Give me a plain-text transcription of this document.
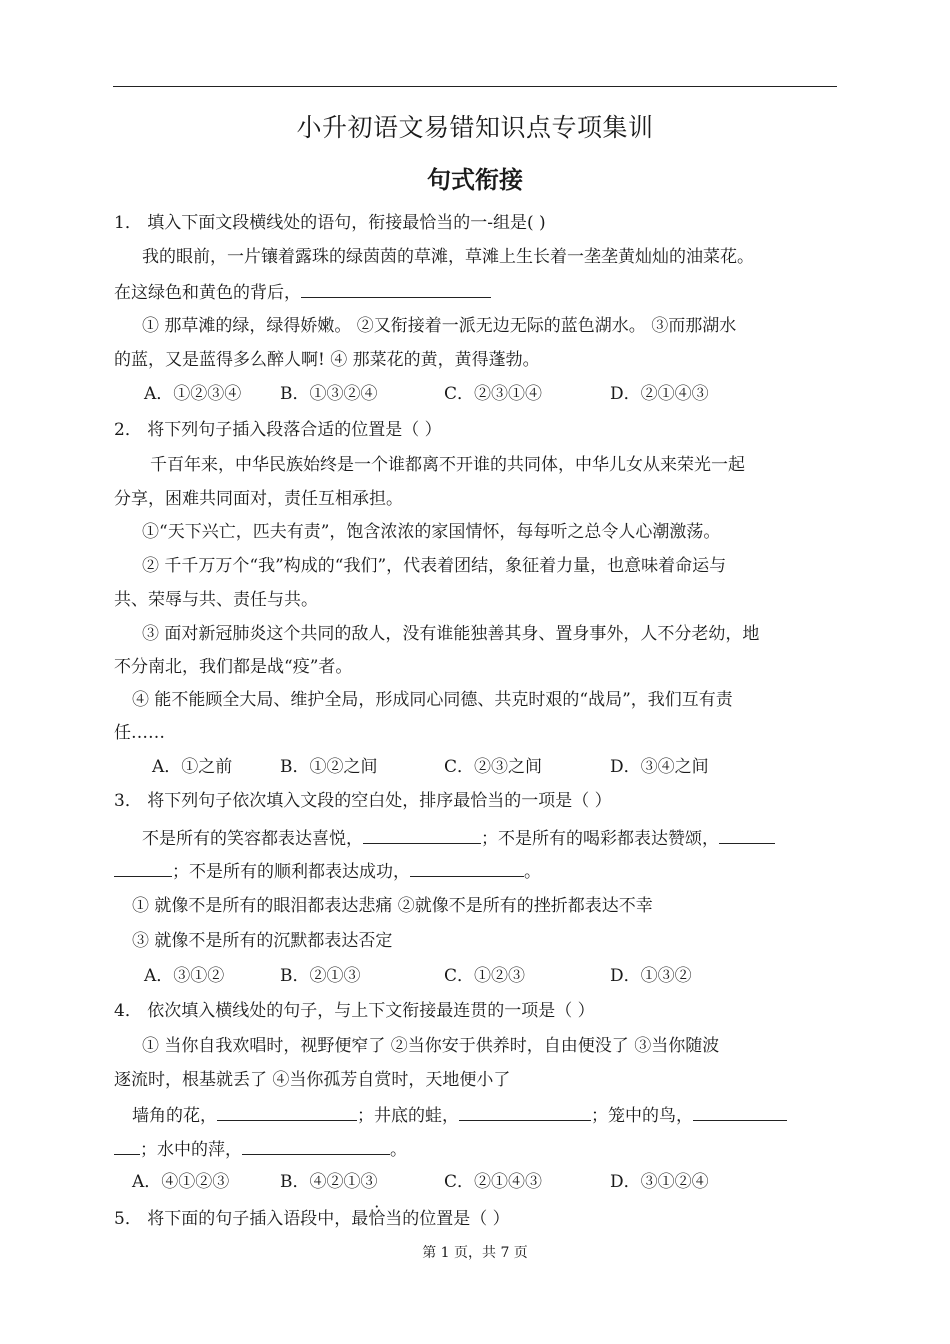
小升初语文易错知识点专项集训
句式衔接
1． 填入下面文段横线处的语句，衔接最恰当的一-组是( )
我的眼前，一片镶着露珠的绿茵茵的草滩，草滩上生长着一垄垄黄灿灿的油菜花。
在这绿色和黄色的背后，
① 那草滩的绿，绿得娇嫩。 ②又衔接着一派无边无际的蓝色湖水。 ③而那湖水
的蓝，又是蓝得多么醉人啊! ④ 那菜花的黄，黄得蓬勃。
A．①②③④ B．①③②④	C．②③①④	D．②①④③
2． 将下列句子插入段落合适的位置是（ ）
千百年来，中华民族始终是一个谁都离不开谁的共同体，中华儿女从来荣光一起
分享，困难共同面对，责任互相承担。
①“天下兴亡，匹夫有责”，饱含浓浓的家国情怀，每每听之总令人心潮激荡。
② 千千万万个“我”构成的“我们”，代表着团结，象征着力量，也意味着命运与
共、荣辱与共、责任与共。
③ 面对新冠肺炎这个共同的敌人，没有谁能独善其身、置身事外，人不分老幼，地
不分南北，我们都是战“疫”者。
④ 能不能顾全大局、维护全局，形成同心同德、共克时艰的“战局”，我们互有责
任……
A．①之前	B．①②之间	C．②③之间	D．③④之间
3． 将下列句子依次填入文段的空白处，排序最恰当的一项是（ ）
不是所有的笑容都表达喜悦，	；不是所有的喝彩都表达赞颂，
；不是所有的顺利都表达成功，	。
① 就像不是所有的眼泪都表达悲痛 ②就像不是所有的挫折都表达不幸
③ 就像不是所有的沉默都表达否定
A．③①②	B．②①③	C．①②③	D．①③②
4． 依次填入横线处的句子，与上下文衔接最连贯的一项是（ ）
① 当你自我欢唱时，视野便窄了 ②当你安于供养时，自由便没了 ③当你随波
逐流时，根基就丢了 ④当你孤芳自赏时，天地便小了
墙角的花，	；井底的蛙，	；笼中的鸟，
；水中的萍，	。
A．④①②③	B．④②①③	C．②①④③	D．③①②④
5． 将下面的句子插入语段中，最恰当的位置是（ ）
第 1 页，共 7 页
